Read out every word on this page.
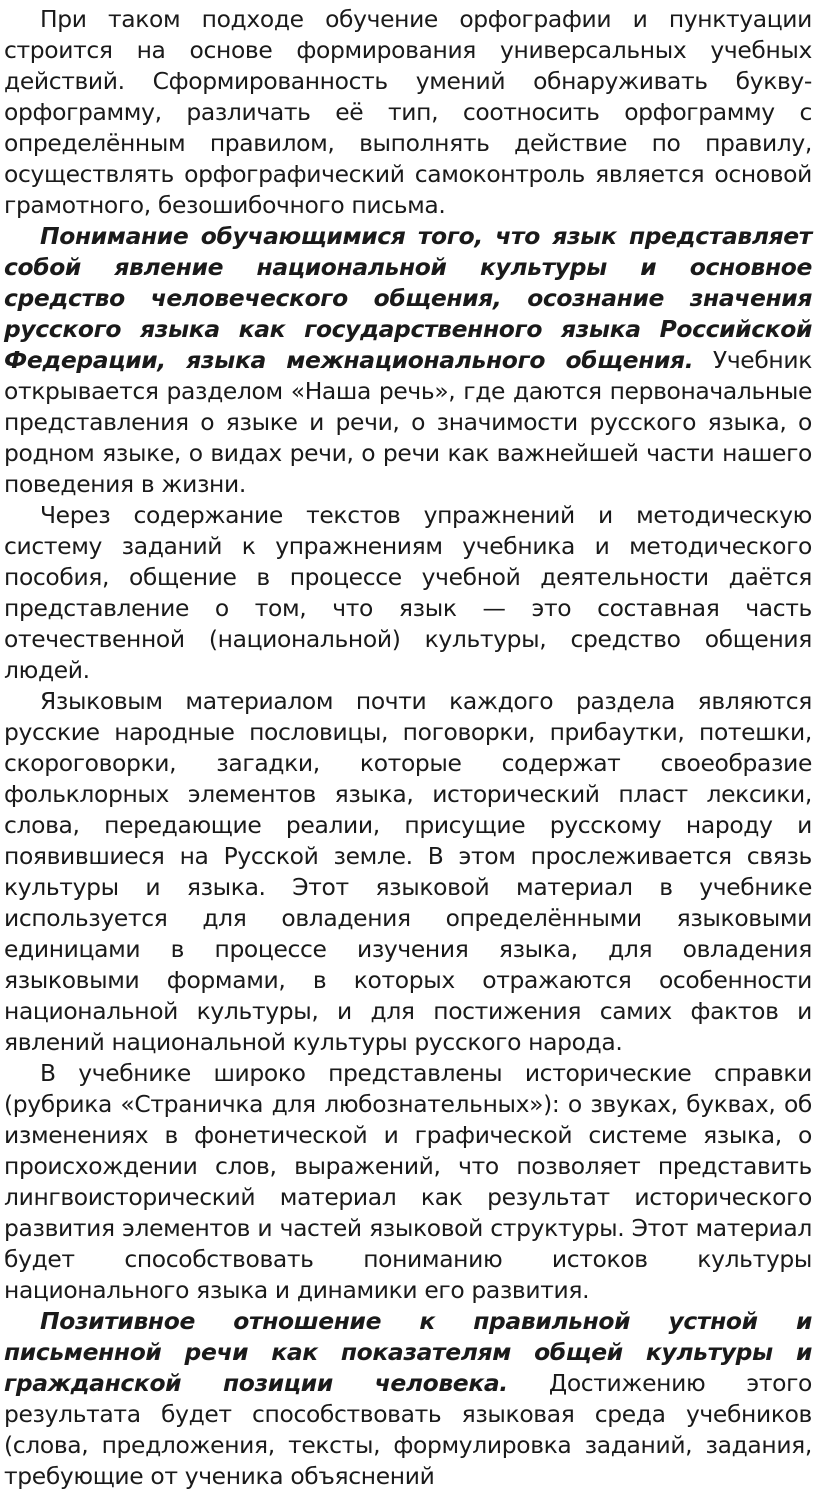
При таком подходе обучение орфографии и пунктуации строится на основе формирования универсальных учебных действий. Сформированность умений обнаруживать букву-орфограмму, различать её тип, соотносить орфограмму с определённым правилом, выполнять действие по правилу, осуществлять орфографический самоконтроль является основой грамотного, безошибочного письма.

Понимание обучающимися того, что язык представляет собой явление национальной культуры и основное средство человеческого общения, осознание значения русского языка как государственного языка Российской Федерации, языка межнационального общения. Учебник открывается разделом «Наша речь», где даются первоначальные представления о языке и речи, о значимости русского языка, о родном языке, о видах речи, о речи как важнейшей части нашего поведения в жизни.

Через содержание текстов упражнений и методическую систему заданий к упражнениям учебника и методического пособия, общение в процессе учебной деятельности даётся представление о том, что язык — это составная часть отечественной (национальной) культуры, средство общения людей.

Языковым материалом почти каждого раздела являются русские народные пословицы, поговорки, прибаутки, потешки, скороговорки, загадки, которые содержат своеобразие фольклорных элементов языка, исторический пласт лексики, слова, передающие реалии, присущие русскому народу и появившиеся на Русской земле. В этом прослеживается связь культуры и языка. Этот языковой материал в учебнике используется для овладения определёнными языковыми единицами в процессе изучения языка, для овладения языковыми формами, в которых отражаются особенности национальной культуры, и для постижения самих фактов и явлений национальной культуры русского народа.

В учебнике широко представлены исторические справки (рубрика «Страничка для любознательных»): о звуках, буквах, об изменениях в фонетической и графической системе языка, о происхождении слов, выражений, что позволяет представить лингвоисторический материал как результат исторического развития элементов и частей языковой структуры. Этот материал будет способствовать пониманию истоков культуры национального языка и динамики его развития.

Позитивное отношение к правильной устной и письменной речи как показателям общей культуры и гражданской позиции человека. Достижению этого результата будет способствовать языковая среда учебников (слова, предложения, тексты, формулировка заданий, задания, требующие от ученика объяснений
